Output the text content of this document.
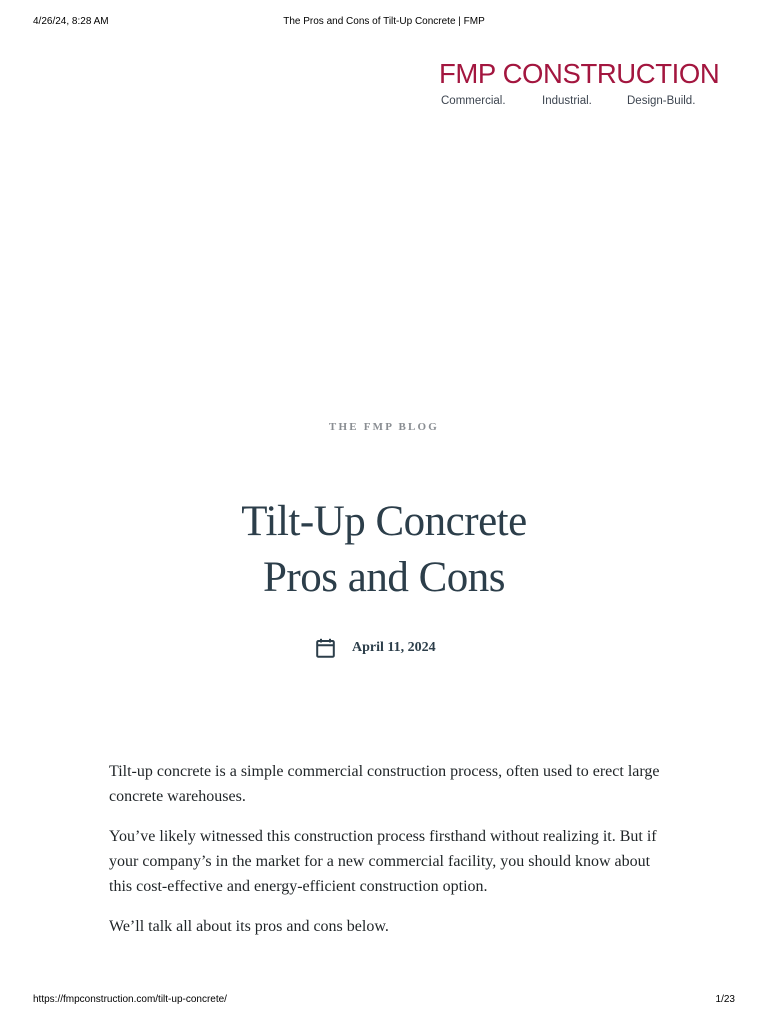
4/26/24, 8:28 AM	The Pros and Cons of Tilt-Up Concrete | FMP
FMP CONSTRUCTION
Commercial.	Industrial.	Design-Build.
THE FMP BLOG
Tilt-Up Concrete
Pros and Cons
April 11, 2024

Tilt-up concrete is a simple commercial construction process, often used to erect large concrete warehouses.

You’ve likely witnessed this construction process firsthand without realizing it. But if your company’s in the market for a new commercial facility, you should know about this cost-effective and energy-efficient construction option.

We’ll talk all about its pros and cons below.

https://fmpconstruction.com/tilt-up-concrete/	1/23
